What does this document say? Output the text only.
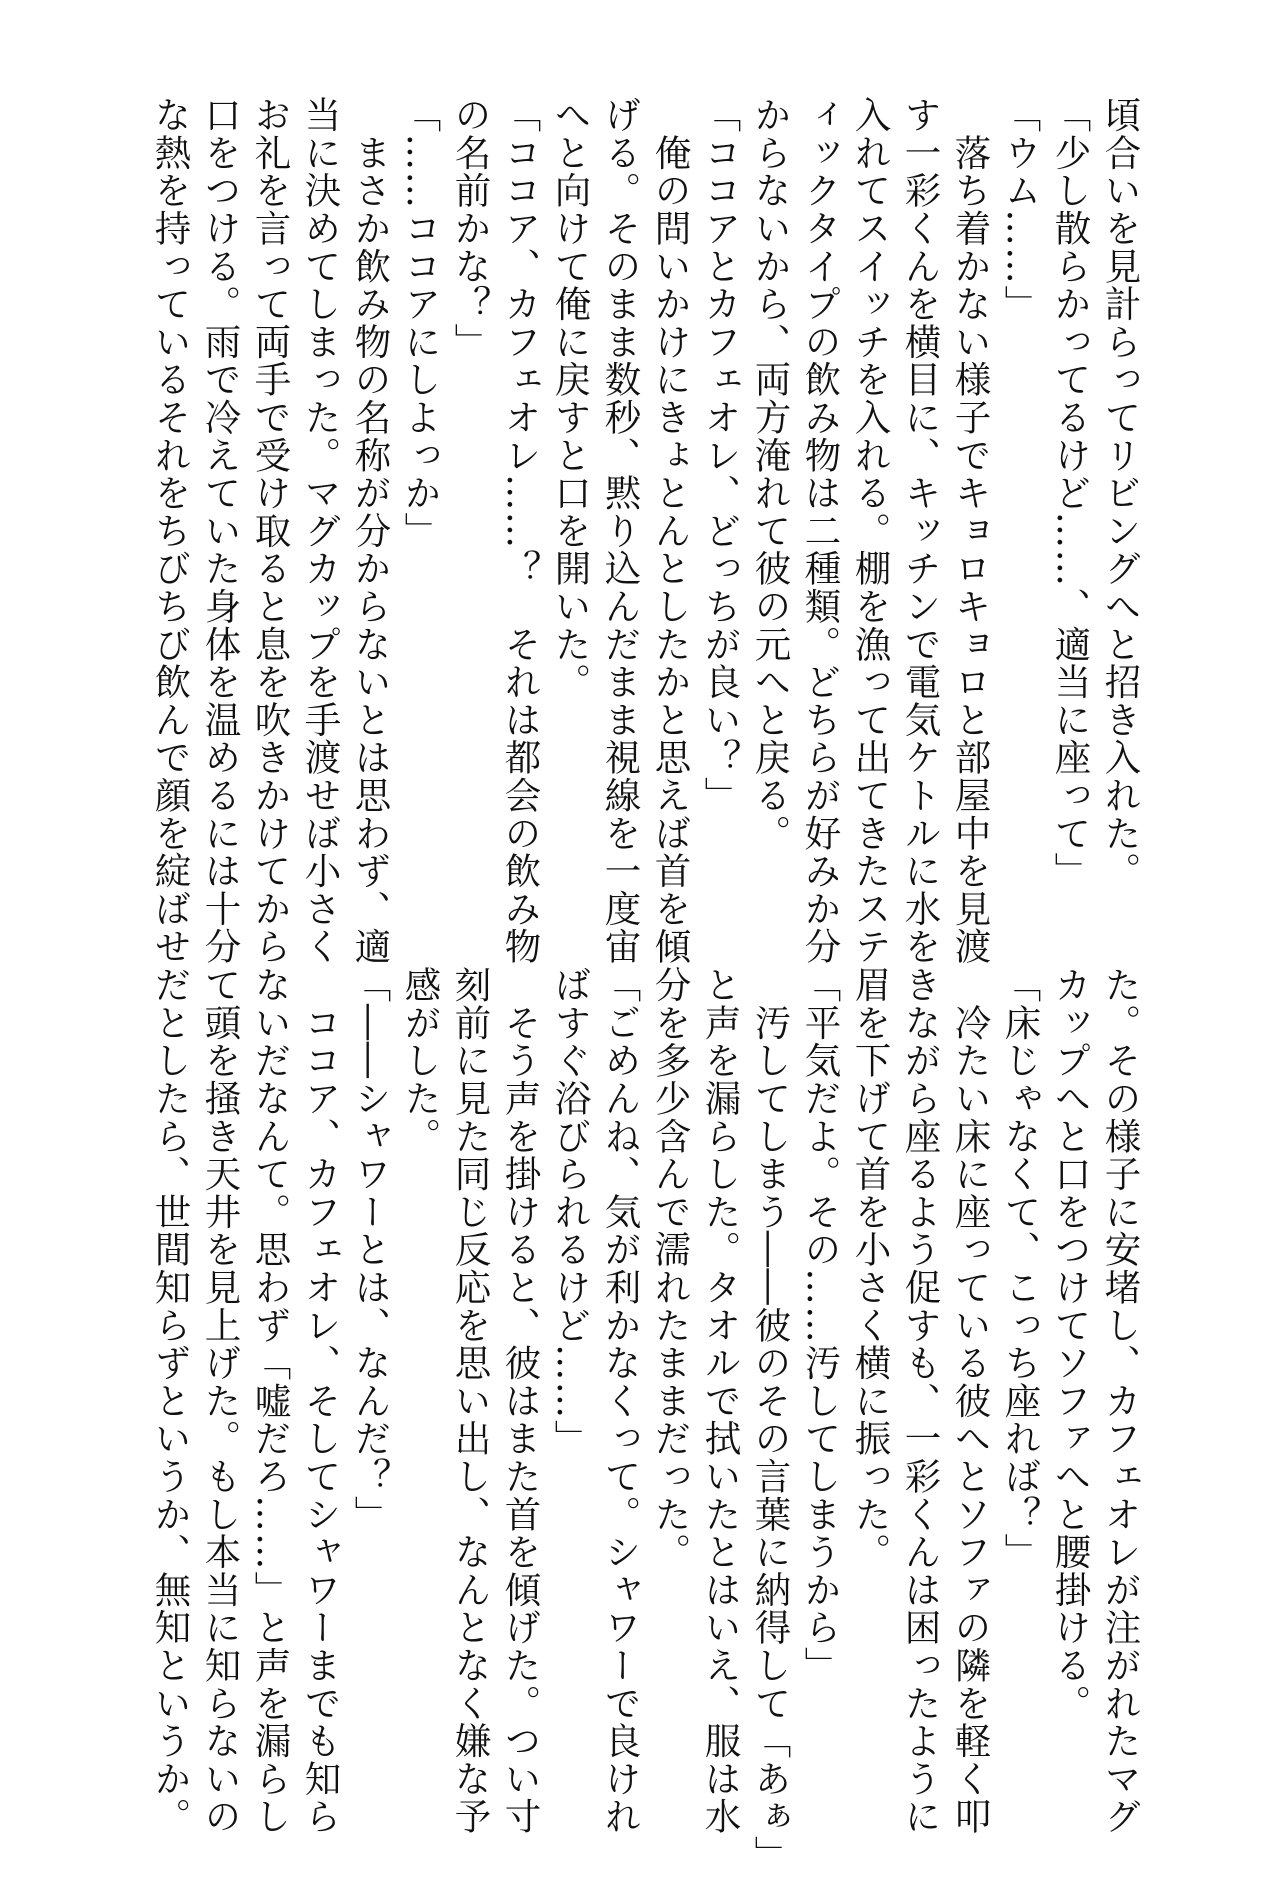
頃合いを見計らってリビングへと招き入れた。
「少し散らかってるけど……、適当に座って」
「ウム……」
　落ち着かない様子でキョロキョロと部屋中を見渡
す一彩くんを横目に、キッチンで電気ケトルに水を
入れてスイッチを入れる。棚を漁って出てきたステ
ィックタイプの飲み物は二種類。どちらが好みか分
からないから、両方淹れて彼の元へと戻る。
「ココアとカフェオレ、どっちが良い？」
　俺の問いかけにきょとんとしたかと思えば首を傾
げる。そのまま数秒、黙り込んだまま視線を一度宙
へと向けて俺に戻すと口を開いた。
「ココア、カフェオレ……？　それは都会の飲み物
の名前かな？」
「……ココアにしよっか」
　まさか飲み物の名称が分からないとは思わず、適
当に決めてしまった。マグカップを手渡せば小さく
お礼を言って両手で受け取ると息を吹きかけてから
口をつける。雨で冷えていた身体を温めるには十分
な熱を持っているそれをちびちび飲んで顔を綻ばせ
た。その様子に安堵し、カフェオレが注がれたマグ
カップへと口をつけてソファへと腰掛ける。
「床じゃなくて、こっち座れば？」
　冷たい床に座っている彼へとソファの隣を軽く叩
きながら座るよう促すも、一彩くんは困ったように
眉を下げて首を小さく横に振った。
「平気だよ。その……汚してしまうから」
　汚してしまう――彼のその言葉に納得して「あぁ」
と声を漏らした。タオルで拭いたとはいえ、服は水
分を多少含んで濡れたままだった。
「ごめんね、気が利かなくって。シャワーで良けれ
ばすぐ浴びられるけど……」
　そう声を掛けると、彼はまた首を傾げた。つい寸
刻前に見た同じ反応を思い出し、なんとなく嫌な予
感がした。
「――シャワーとは、なんだ？」
　ココア、カフェオレ、そしてシャワーまでも知ら
ないだなんて。思わず「嘘だろ……」と声を漏らし
て頭を掻き天井を見上げた。もし本当に知らないの
だとしたら、世間知らずというか、無知というか。
